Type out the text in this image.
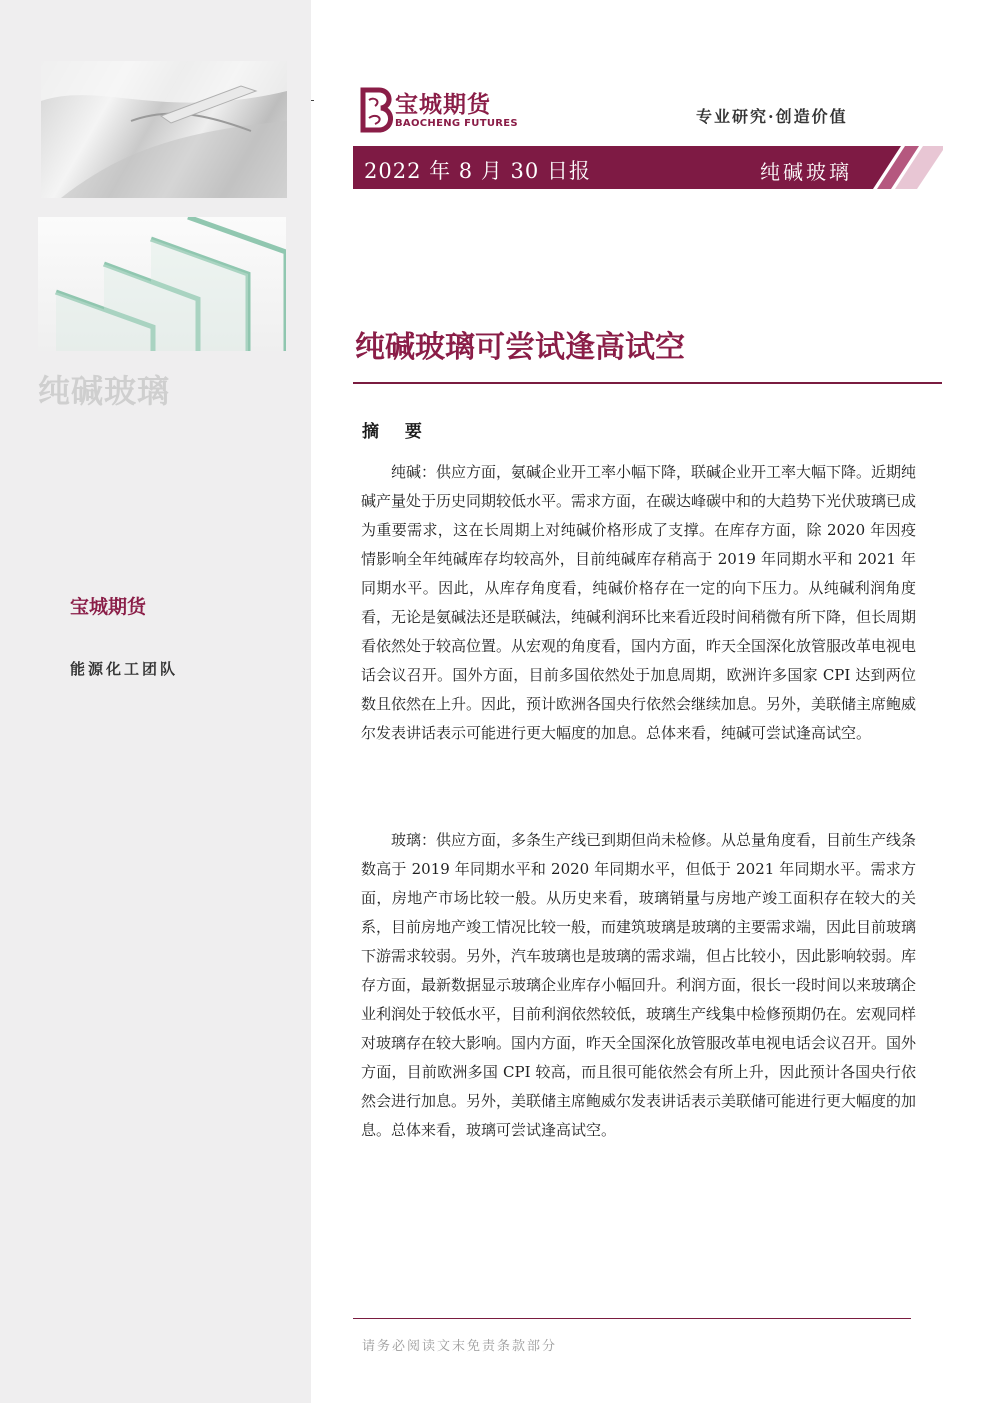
纯碱玻璃
宝城期货
能源化工团队
宝城期货
BAOCHENG FUTURES	专业研究·创造价值
2022 年 8 月 30 日报	纯碱玻璃
纯碱玻璃可尝试逢高试空
摘 要

纯碱：供应方面，氨碱企业开工率小幅下降，联碱企业开工率大幅下降。近期纯碱产量处于历史同期较低水平。需求方面，在碳达峰碳中和的大趋势下光伏玻璃已成为重要需求，这在长周期上对纯碱价格形成了支撑。在库存方面，除 2020 年因疫情影响全年纯碱库存均较高外，目前纯碱库存稍高于 2019 年同期水平和 2021 年同期水平。因此，从库存角度看，纯碱价格存在一定的向下压力。从纯碱利润角度看，无论是氨碱法还是联碱法，纯碱利润环比来看近段时间稍微有所下降，但长周期看依然处于较高位置。从宏观的角度看，国内方面，昨天全国深化放管服改革电视电话会议召开。国外方面，目前多国依然处于加息周期，欧洲许多国家 CPI 达到两位数且依然在上升。因此，预计欧洲各国央行依然会继续加息。另外，美联储主席鲍威尔发表讲话表示可能进行更大幅度的加息。总体来看，纯碱可尝试逢高试空。

玻璃：供应方面，多条生产线已到期但尚未检修。从总量角度看，目前生产线条数高于 2019 年同期水平和 2020 年同期水平，但低于 2021 年同期水平。需求方面，房地产市场比较一般。从历史来看，玻璃销量与房地产竣工面积存在较大的关系，目前房地产竣工情况比较一般，而建筑玻璃是玻璃的主要需求端，因此目前玻璃下游需求较弱。另外，汽车玻璃也是玻璃的需求端，但占比较小，因此影响较弱。库存方面，最新数据显示玻璃企业库存小幅回升。利润方面，很长一段时间以来玻璃企业利润处于较低水平，目前利润依然较低，玻璃生产线集中检修预期仍在。宏观同样对玻璃存在较大影响。国内方面，昨天全国深化放管服改革电视电话会议召开。国外方面，目前欧洲多国 CPI 较高，而且很可能依然会有所上升，因此预计各国央行依然会进行加息。另外，美联储主席鲍威尔发表讲话表示美联储可能进行更大幅度的加息。总体来看，玻璃可尝试逢高试空。

请务必阅读文末免责条款部分
